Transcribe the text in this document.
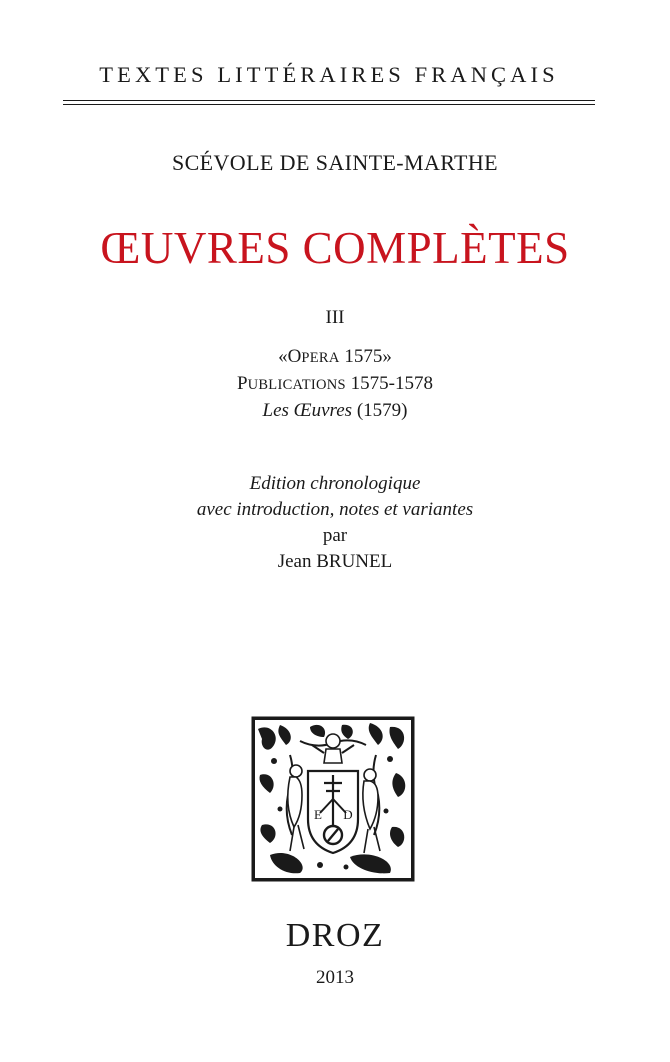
TEXTES LITTÉRAIRES FRANÇAIS
SCÉVOLE DE SAINTE-MARTHE
ŒUVRES COMPLÈTES
III
«OPERA 1575»
PUBLICATIONS 1575-1578
Les Œuvres (1579)
Edition chronologique
avec introduction, notes et variantes
par
Jean BRUNEL
E D
DROZ
2013
